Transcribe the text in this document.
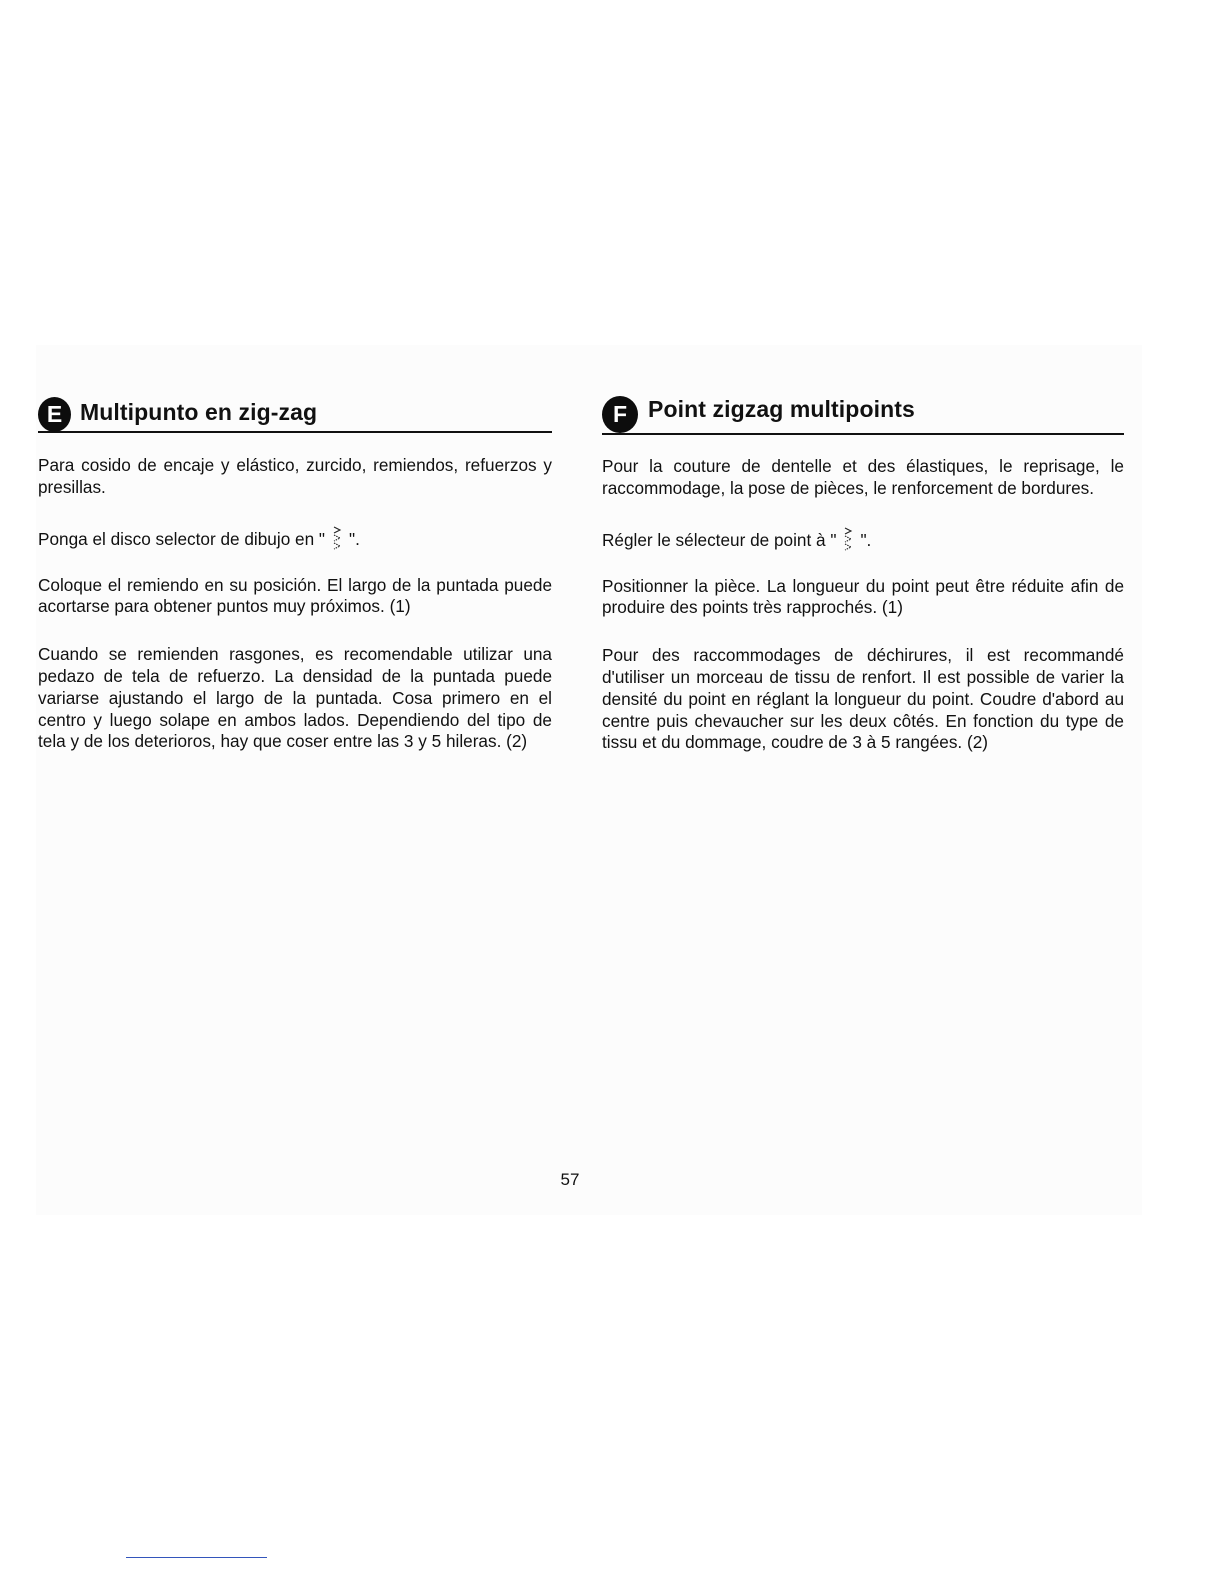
E Multipunto en zig-zag

Para cosido de encaje y elástico, zurcido, remiendos, refuerzos y presillas.

Ponga el disco selector de dibujo en " ".

Coloque el remiendo en su posición. El largo de la puntada puede acortarse para obtener puntos muy próximos. (1)

Cuando se remienden rasgones, es recomendable utilizar una pedazo de tela de refuerzo. La densidad de la puntada puede variarse ajustando el largo de la puntada. Cosa primero en el centro y luego solape en ambos lados. Dependiendo del tipo de tela y de los deterioros, hay que coser entre las 3 y 5 hileras. (2)

F Point zigzag multipoints

Pour la couture de dentelle et des élastiques, le reprisage, le raccommodage, la pose de pièces, le renforcement de bordures.

Régler le sélecteur de point à " ".

Positionner la pièce. La longueur du point peut être réduite afin de produire des points très rapprochés. (1)

Pour des raccommodages de déchirures, il est recommandé d'utiliser un morceau de tissu de renfort. Il est possible de varier la densité du point en réglant la longueur du point. Coudre d'abord au centre puis chevaucher sur les deux côtés. En fonction du type de tissu et du dommage, coudre de 3 à 5 rangées. (2)

57
